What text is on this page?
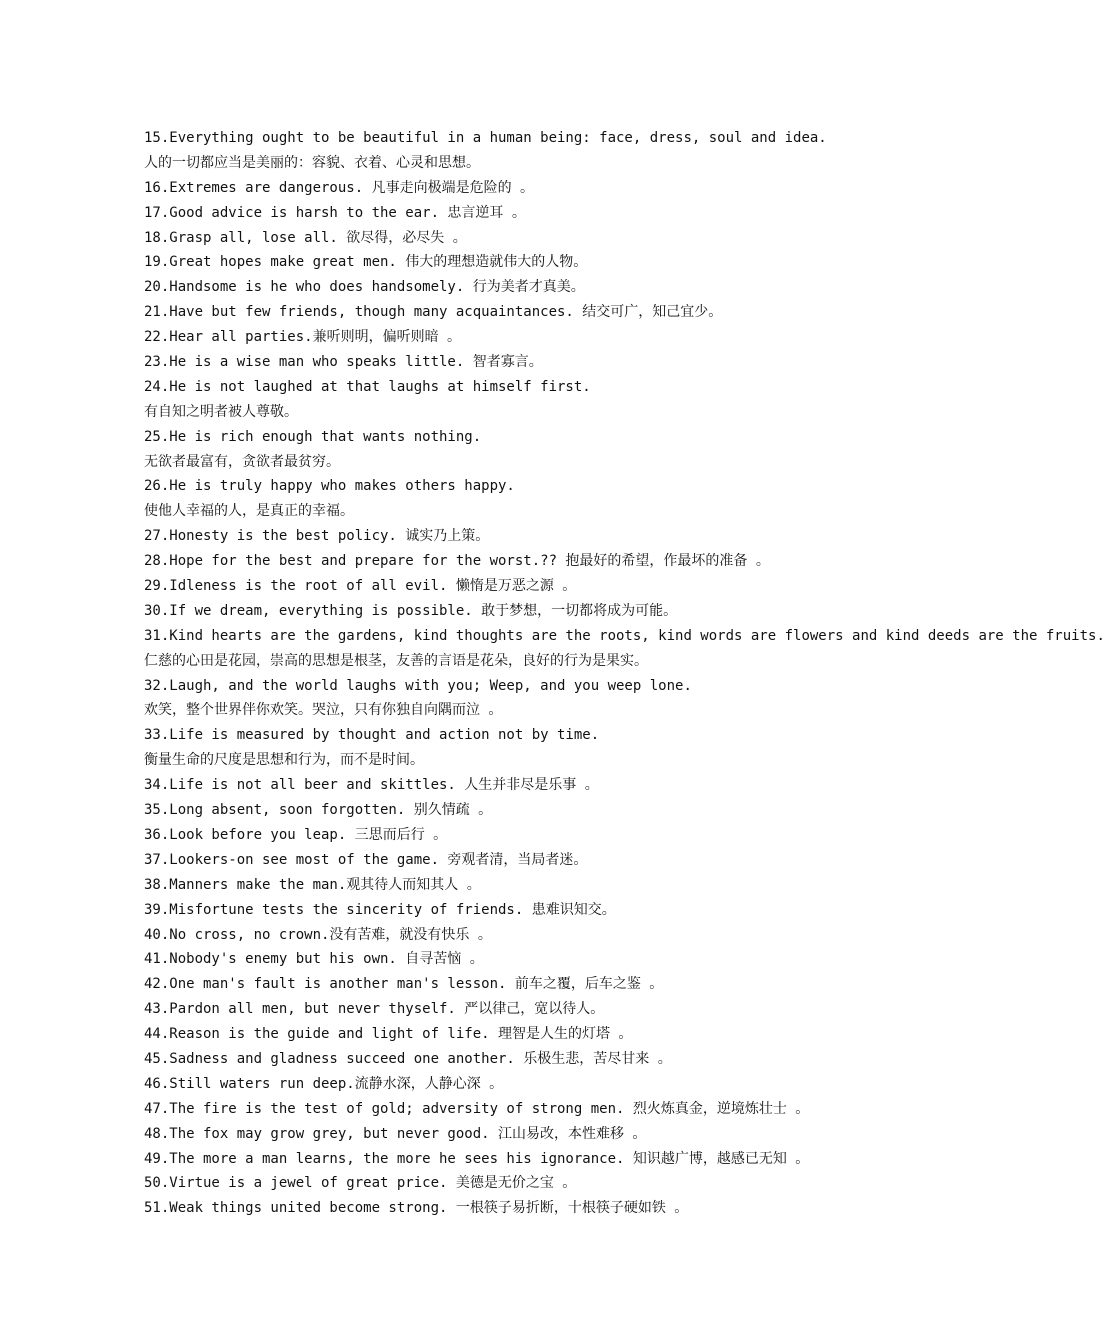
15.Everything ought to be beautiful in a human being: face, dress, soul and idea.
人的一切都应当是美丽的：容貌、衣着、心灵和思想。
16.Extremes are dangerous. 凡事走向极端是危险的 。
17.Good advice is harsh to the ear. 忠言逆耳 。
18.Grasp all, lose all. 欲尽得，必尽失 。
19.Great hopes make great men. 伟大的理想造就伟大的人物。
20.Handsome is he who does handsomely. 行为美者才真美。
21.Have but few friends, though many acquaintances. 结交可广，知己宜少。
22.Hear all parties.兼听则明，偏听则暗 。
23.He is a wise man who speaks little. 智者寡言。
24.He is not laughed at that laughs at himself first.
有自知之明者被人尊敬。
25.He is rich enough that wants nothing.
无欲者最富有，贪欲者最贫穷。
26.He is truly happy who makes others happy.
使他人幸福的人，是真正的幸福。
27.Honesty is the best policy. 诚实乃上策。
28.Hope for the best and prepare for the worst.?? 抱最好的希望，作最坏的准备 。
29.Idleness is the root of all evil. 懒惰是万恶之源 。
30.If we dream, everything is possible. 敢于梦想，一切都将成为可能。
31.Kind hearts are the gardens, kind thoughts are the roots, kind words are flowers and kind deeds are the fruits.
仁慈的心田是花园，崇高的思想是根茎，友善的言语是花朵，良好的行为是果实。
32.Laugh, and the world laughs with you; Weep, and you weep lone.
欢笑，整个世界伴你欢笑。哭泣，只有你独自向隅而泣 。
33.Life is measured by thought and action not by time.
衡量生命的尺度是思想和行为，而不是时间。
34.Life is not all beer and skittles. 人生并非尽是乐事 。
35.Long absent, soon forgotten. 别久情疏 。
36.Look before you leap. 三思而后行 。
37.Lookers-on see most of the game. 旁观者清，当局者迷。
38.Manners make the man.观其待人而知其人 。
39.Misfortune tests the sincerity of friends. 患难识知交。
40.No cross, no crown.没有苦难，就没有快乐 。
41.Nobody's enemy but his own. 自寻苦恼 。
42.One man's fault is another man's lesson. 前车之覆，后车之鉴 。
43.Pardon all men, but never thyself. 严以律己，宽以待人。
44.Reason is the guide and light of life. 理智是人生的灯塔 。
45.Sadness and gladness succeed one another. 乐极生悲，苦尽甘来 。
46.Still waters run deep.流静水深，人静心深 。
47.The fire is the test of gold; adversity of strong men. 烈火炼真金，逆境炼壮士 。
48.The fox may grow grey, but never good. 江山易改，本性难移 。
49.The more a man learns, the more he sees his ignorance. 知识越广博，越感已无知 。
50.Virtue is a jewel of great price. 美德是无价之宝 。
51.Weak things united become strong. 一根筷子易折断，十根筷子硬如铁 。
